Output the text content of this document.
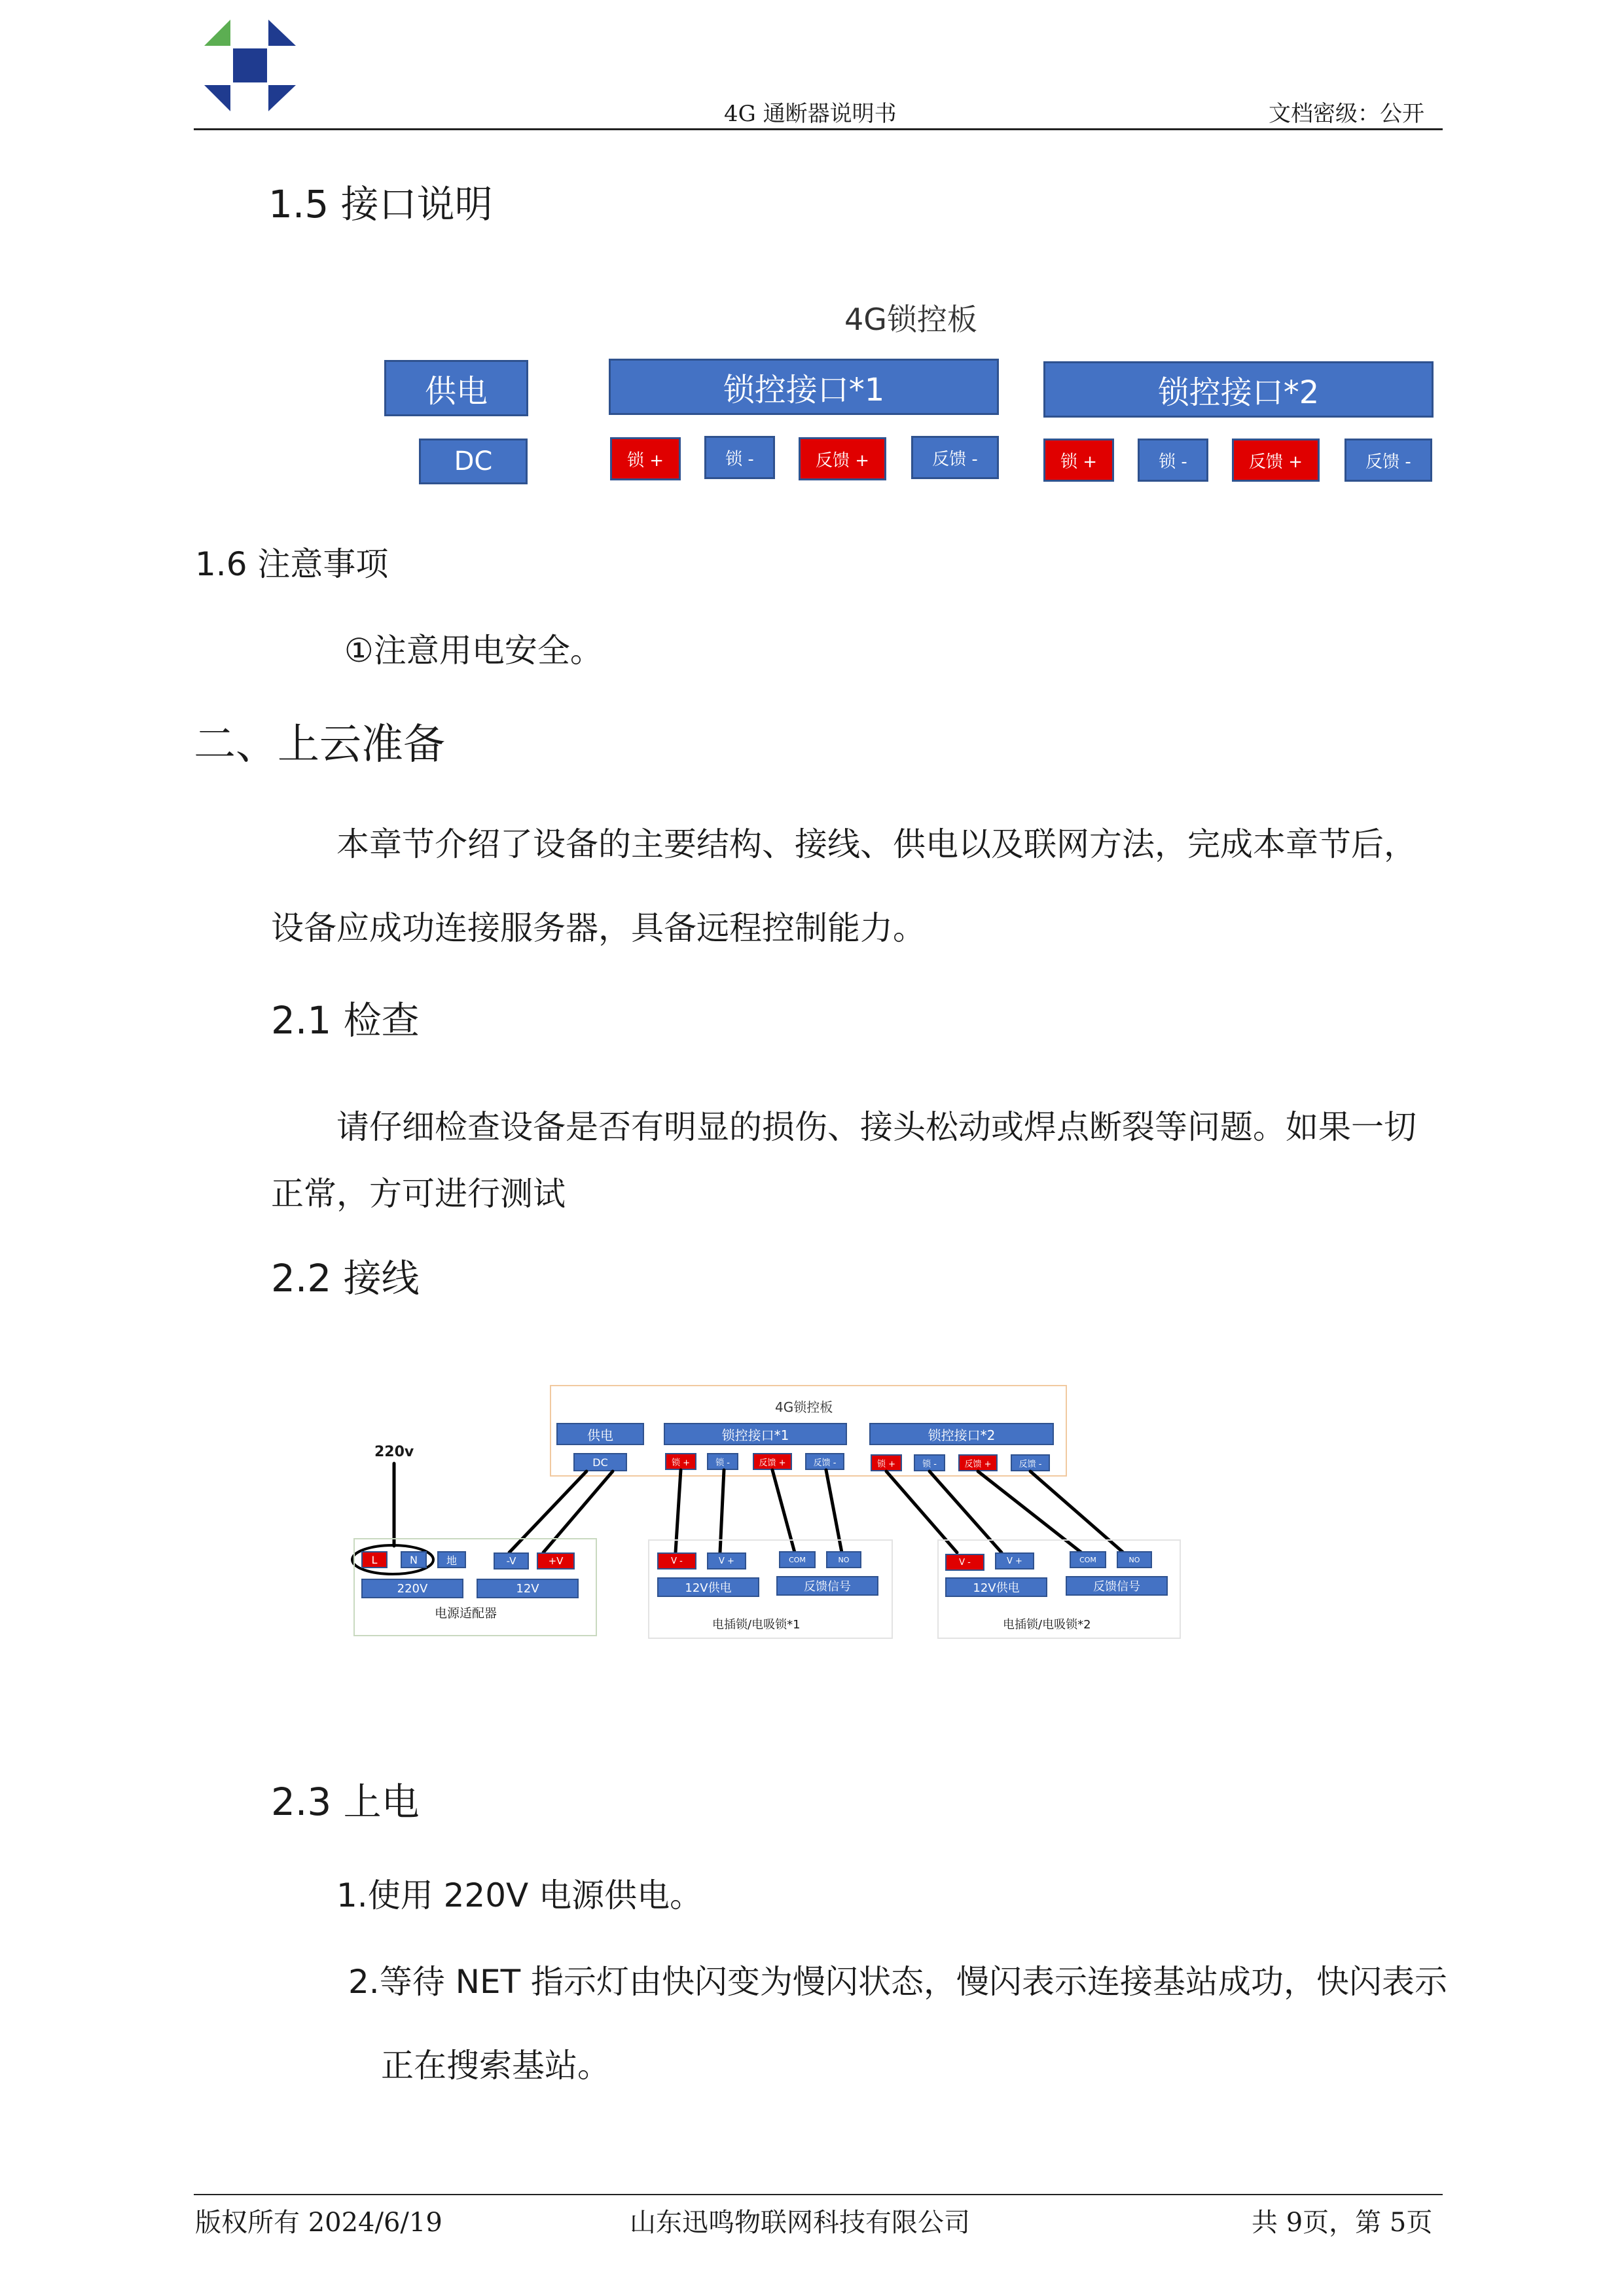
4G 通断器说明书	文档密级：公开
1.5 接口说明
4G锁控板
供电	锁控接口*1	锁控接口*2
DC	锁 +	锁 -	反馈 +	反馈 -	锁 +	锁 -	反馈 +	反馈 -
1.6 注意事项
①注意用电安全。
二、上云准备
本章节介绍了设备的主要结构、接线、供电以及联网方法，完成本章节后，
设备应成功连接服务器，具备远程控制能力。
2.1 检查
请仔细检查设备是否有明显的损伤、接头松动或焊点断裂等问题。如果一切
正常，方可进行测试
2.2 接线
4G锁控板
供电	锁控接口*1	锁控接口*2
DC	锁 +	锁 -	反馈 +	反馈 -	锁 +	锁 -	反馈 +	反馈 -
220v
L	N	地	-V	+V
220V	12V
电源适配器
V -	V +	COM	NO
12V供电	反馈信号
电插锁/电吸锁*1
V -	V +	COM	NO
12V供电	反馈信号
电插锁/电吸锁*2
2.3 上电
1.使用 220V 电源供电。
2.等待 NET 指示灯由快闪变为慢闪状态，慢闪表示连接基站成功，快闪表示
正在搜索基站。
版权所有 2024/6/19	山东迅鸣物联网科技有限公司	共 9页，第 5页
